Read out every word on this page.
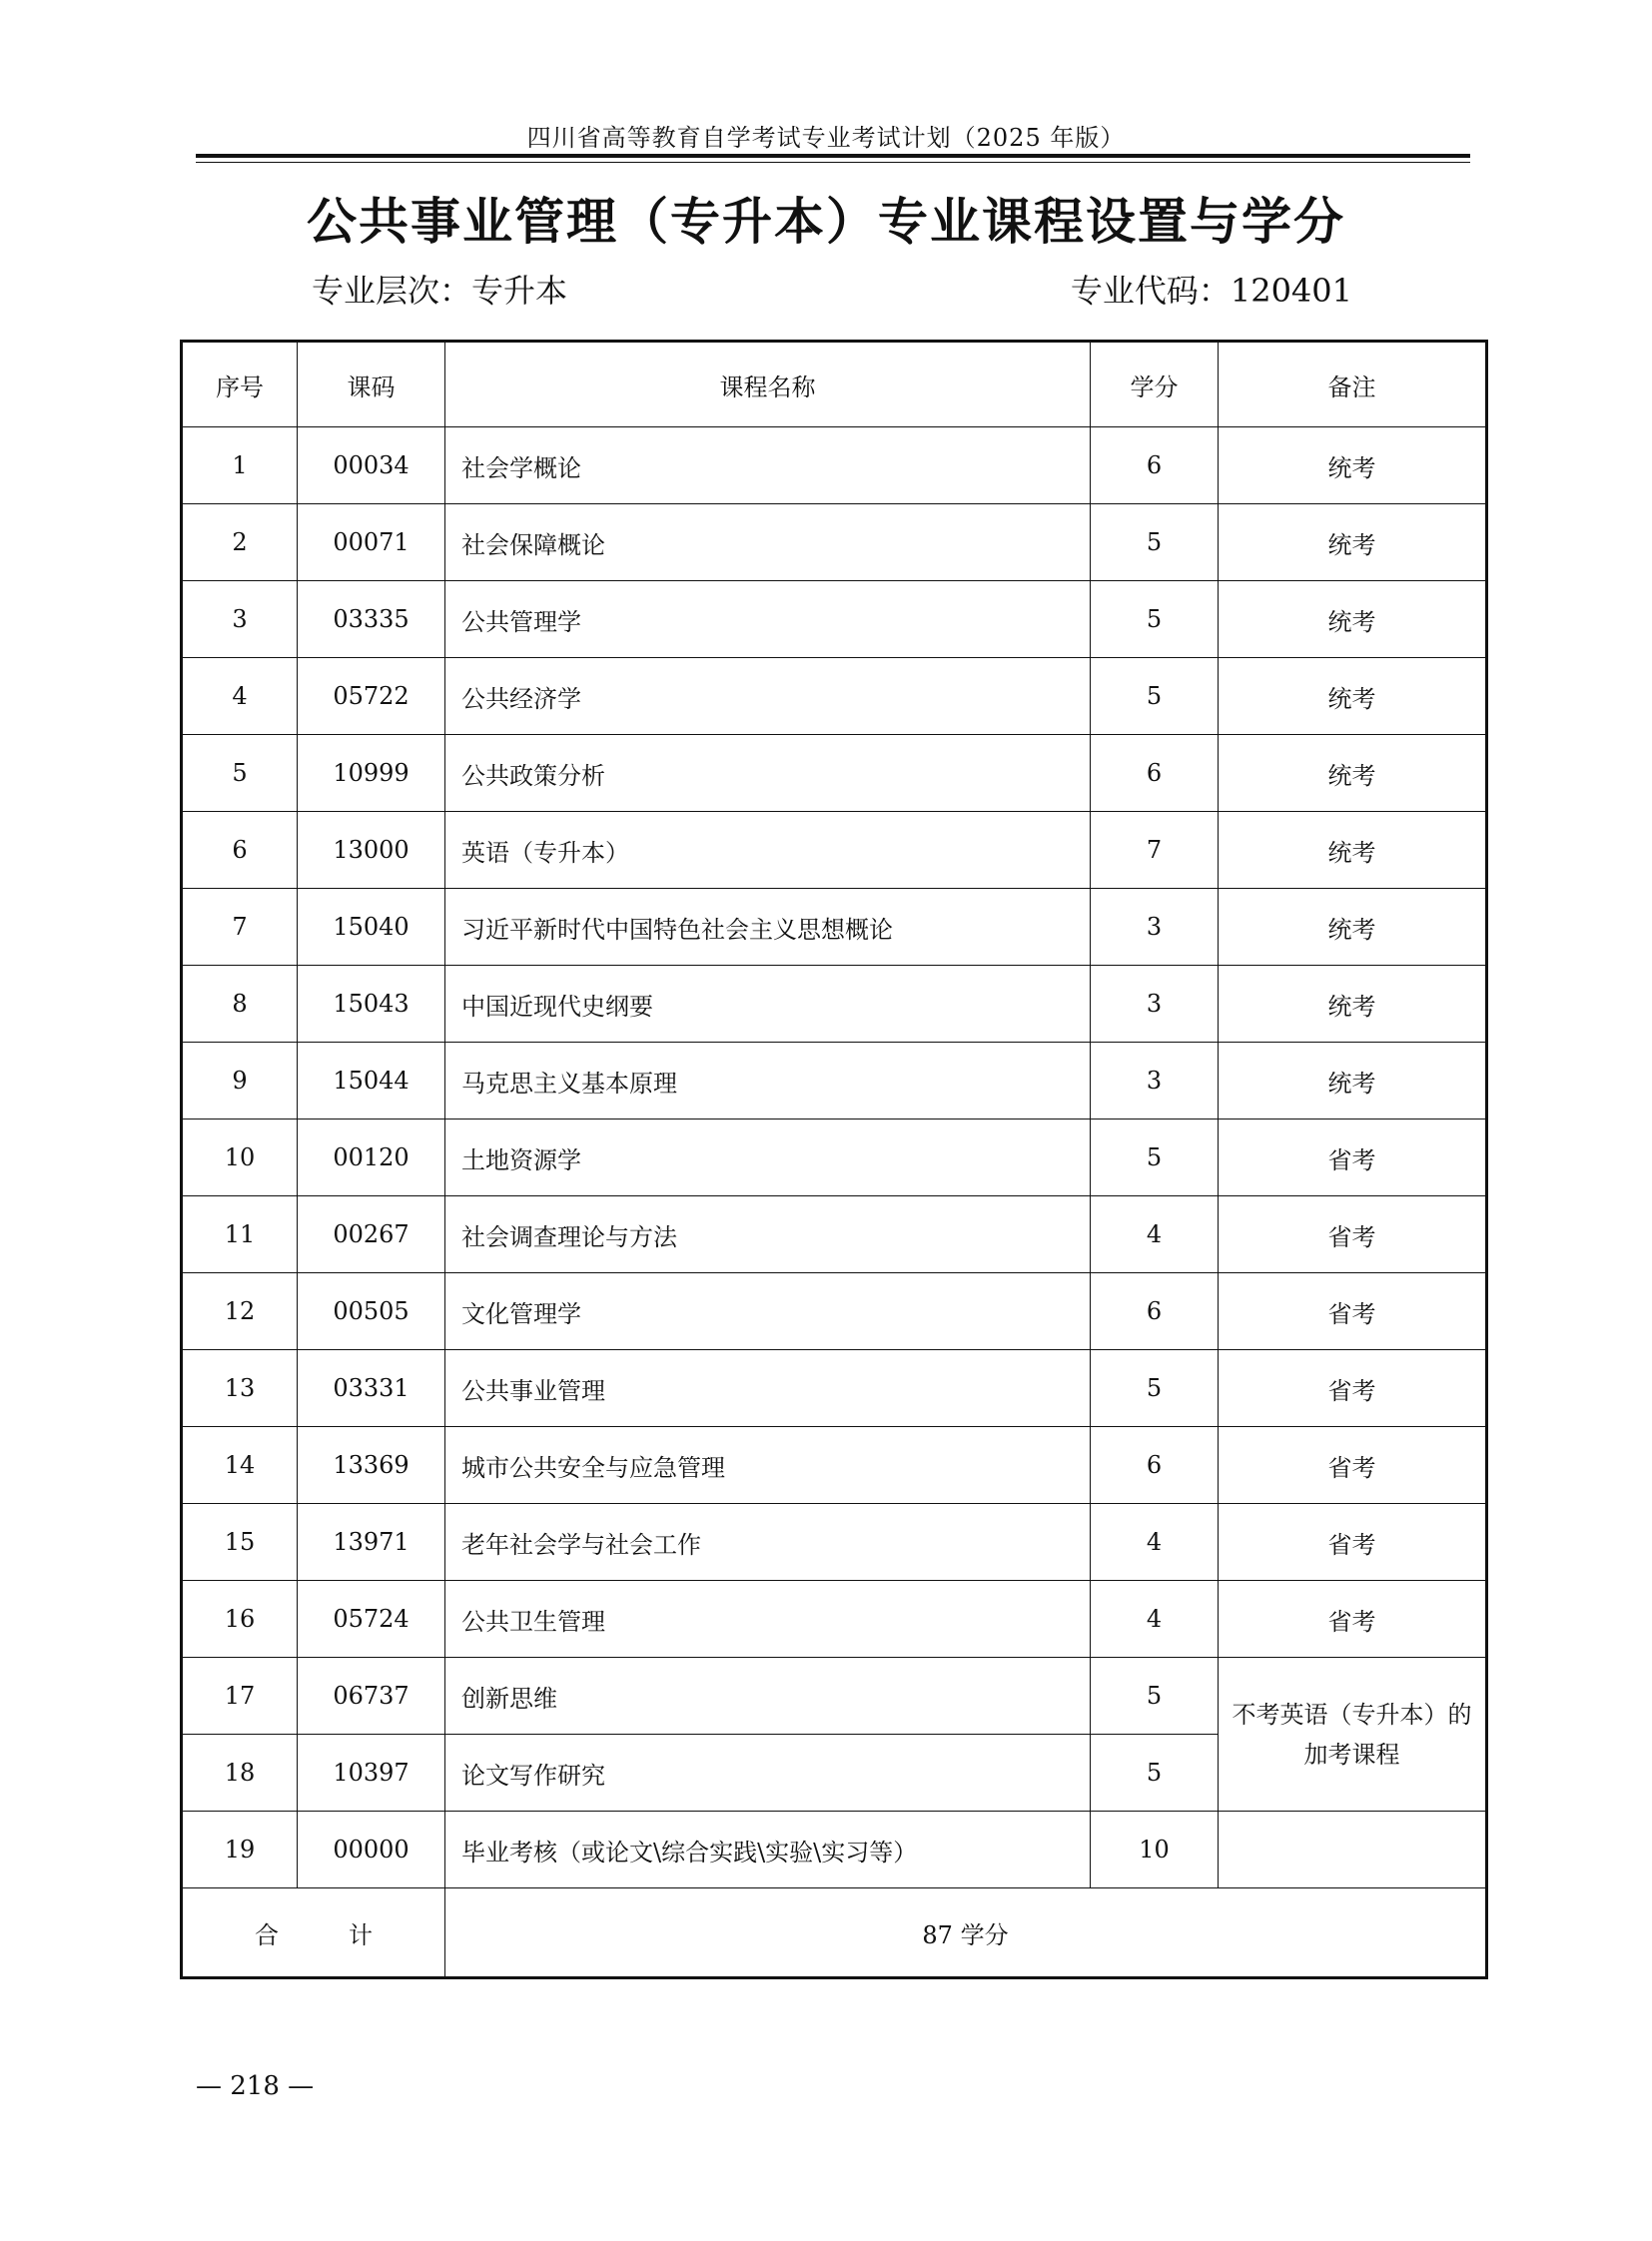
四川省高等教育自学考试专业考试计划（2025 年版）
公共事业管理（专升本）专业课程设置与学分
专业层次：专升本	专业代码：120401
序号	课码	课程名称	学分	备注
1	00034	社会学概论	6	统考
2	00071	社会保障概论	5	统考
3	03335	公共管理学	5	统考
4	05722	公共经济学	5	统考
5	10999	公共政策分析	6	统考
6	13000	英语（专升本）	7	统考
7	15040	习近平新时代中国特色社会主义思想概论	3	统考
8	15043	中国近现代史纲要	3	统考
9	15044	马克思主义基本原理	3	统考
10	00120	土地资源学	5	省考
11	00267	社会调查理论与方法	4	省考
12	00505	文化管理学	6	省考
13	03331	公共事业管理	5	省考
14	13369	城市公共安全与应急管理	6	省考
15	13971	老年社会学与社会工作	4	省考
16	05724	公共卫生管理	4	省考
17	06737	创新思维	5	不考英语（专升本）的
加考课程
18	10397	论文写作研究	5	
19	00000	毕业考核（或论文\综合实践\实验\实习等）	10	
合 计		87 学分		
— 218 —
